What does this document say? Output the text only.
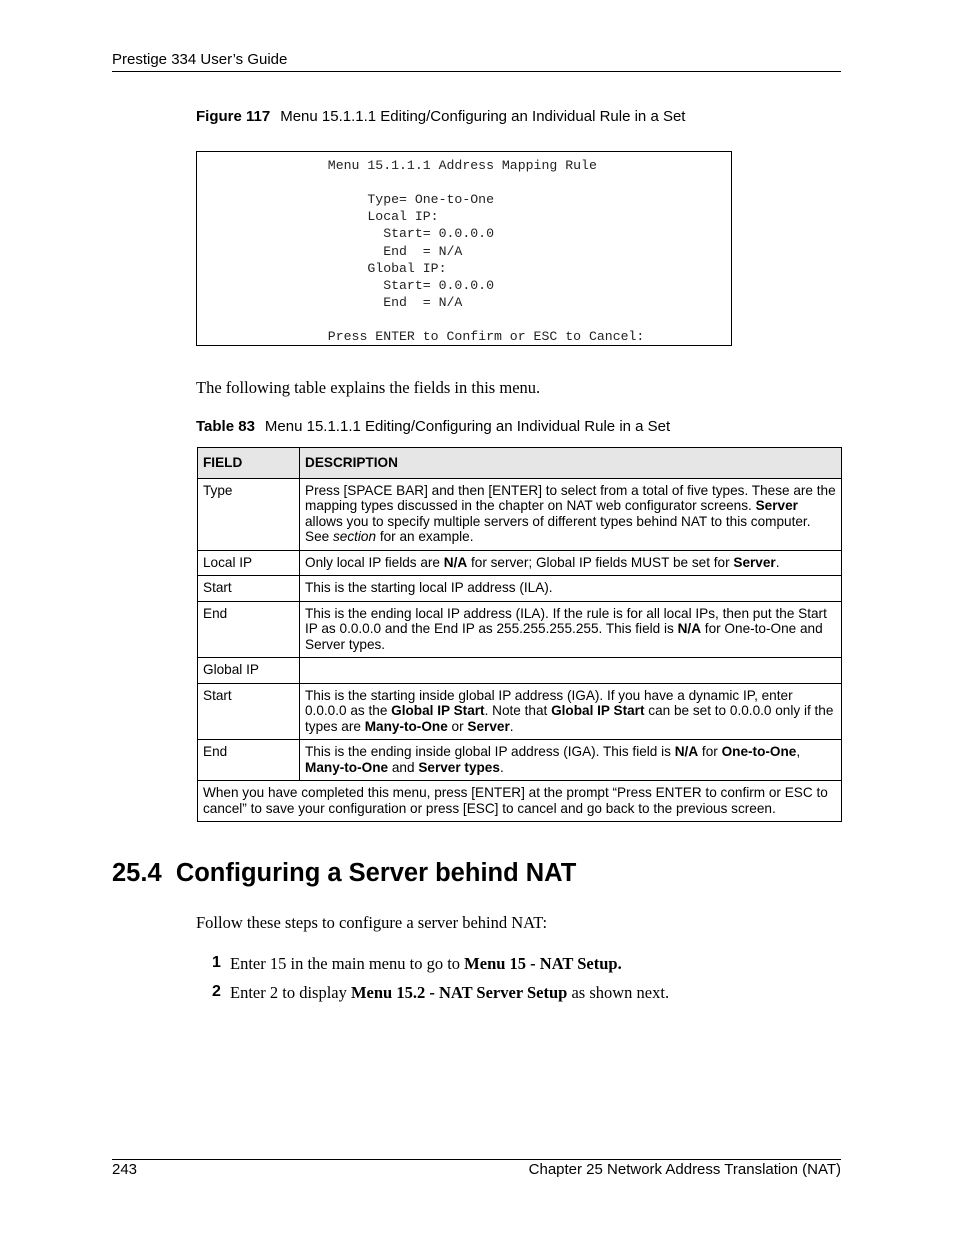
Prestige 334 User’s Guide
Figure 117 Menu 15.1.1.1 Editing/Configuring an Individual Rule in a Set
Menu 15.1.1.1 Address Mapping Rule
Type= One-to-One
Local IP:
Start= 0.0.0.0
End  = N/A
Global IP:
Start= 0.0.0.0
End  = N/A
Press ENTER to Confirm or ESC to Cancel:
The following table explains the fields in this menu.
Table 83 Menu 15.1.1.1 Editing/Configuring an Individual Rule in a Set
FIELD	DESCRIPTION
Type	Press [SPACE BAR] and then [ENTER] to select from a total of five types. These are the mapping types discussed in the chapter on NAT web configurator screens. Server allows you to specify multiple servers of different types behind NAT to this computer. See section for an example.
Local IP	Only local IP fields are N/A for server; Global IP fields MUST be set for Server.
Start	This is the starting local IP address (ILA).
End	This is the ending local IP address (ILA). If the rule is for all local IPs, then put the Start IP as 0.0.0.0 and the End IP as 255.255.255.255. This field is N/A for One-to-One and Server types.
Global IP	
Start	This is the starting inside global IP address (IGA). If you have a dynamic IP, enter 0.0.0.0 as the Global IP Start. Note that Global IP Start can be set to 0.0.0.0 only if the types are Many-to-One or Server.
End	This is the ending inside global IP address (IGA). This field is N/A for One-to-One, Many-to-One and Server types.
When you have completed this menu, press [ENTER] at the prompt “Press ENTER to confirm or ESC to cancel” to save your configuration or press [ESC] to cancel and go back to the previous screen.	
25.4 Configuring a Server behind NAT
Follow these steps to configure a server behind NAT:
1 Enter 15 in the main menu to go to Menu 15 - NAT Setup.
2 Enter 2 to display Menu 15.2 - NAT Server Setup as shown next.
243	Chapter 25 Network Address Translation (NAT)
